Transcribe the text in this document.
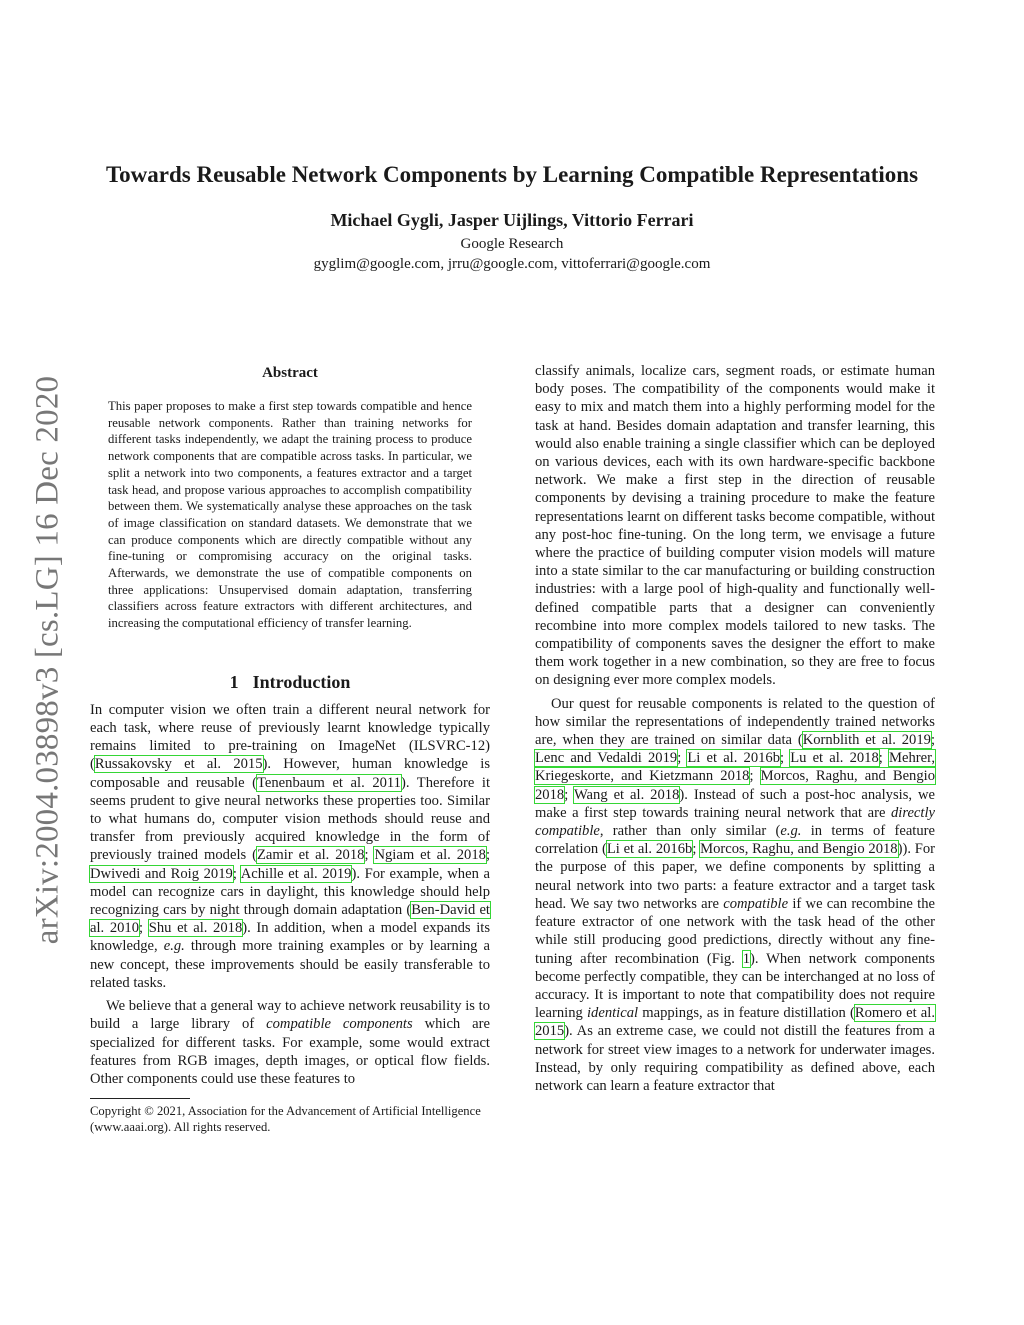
arXiv:2004.03898v3 [cs.LG] 16 Dec 2020
Towards Reusable Network Components by Learning Compatible Representations
Michael Gygli, Jasper Uijlings, Vittorio Ferrari
Google Research
gyglim@google.com, jrru@google.com, vittoferrari@google.com
Abstract

This paper proposes to make a first step towards compatible and hence reusable network components. Rather than training networks for different tasks independently, we adapt the training process to produce network components that are compatible across tasks. In particular, we split a network into two components, a features extractor and a target task head, and propose various approaches to accomplish compatibility between them. We systematically analyse these approaches on the task of image classification on standard datasets. We demonstrate that we can produce components which are directly compatible without any fine-tuning or compromising accuracy on the original tasks. Afterwards, we demonstrate the use of compatible components on three applications: Unsupervised domain adaptation, transferring classifiers across feature extractors with different architectures, and increasing the computational efficiency of transfer learning.

1 Introduction

In computer vision we often train a different neural network for each task, where reuse of previously learnt knowledge typically remains limited to pre-training on ImageNet (ILSVRC-12) (Russakovsky et al. 2015). However, human knowledge is composable and reusable (Tenenbaum et al. 2011). Therefore it seems prudent to give neural networks these properties too. Similar to what humans do, computer vision methods should reuse and transfer from previously acquired knowledge in the form of previously trained models (Zamir et al. 2018; Ngiam et al. 2018; Dwivedi and Roig 2019; Achille et al. 2019). For example, when a model can recognize cars in daylight, this knowledge should help recognizing cars by night through domain adaptation (Ben-David et al. 2010; Shu et al. 2018). In addition, when a model expands its knowledge, e.g. through more training examples or by learning a new concept, these improvements should be easily transferable to related tasks.

We believe that a general way to achieve network reusability is to build a large library of compatible components which are specialized for different tasks. For example, some would extract features from RGB images, depth images, or optical flow fields. Other components could use these features to

Copyright © 2021, Association for the Advancement of Artificial Intelligence (www.aaai.org). All rights reserved.

classify animals, localize cars, segment roads, or estimate human body poses. The compatibility of the components would make it easy to mix and match them into a highly performing model for the task at hand. Besides domain adaptation and transfer learning, this would also enable training a single classifier which can be deployed on various devices, each with its own hardware-specific backbone network. We make a first step in the direction of reusable components by devising a training procedure to make the feature representations learnt on different tasks become compatible, without any post-hoc fine-tuning. On the long term, we envisage a future where the practice of building computer vision models will mature into a state similar to the car manufacturing or building construction industries: with a large pool of high-quality and functionally well-defined compatible parts that a designer can conveniently recombine into more complex models tailored to new tasks. The compatibility of components saves the designer the effort to make them work together in a new combination, so they are free to focus on designing ever more complex models.

Our quest for reusable components is related to the question of how similar the representations of independently trained networks are, when they are trained on similar data (Kornblith et al. 2019; Lenc and Vedaldi 2019; Li et al. 2016b; Lu et al. 2018; Mehrer, Kriegeskorte, and Kietzmann 2018; Morcos, Raghu, and Bengio 2018; Wang et al. 2018). Instead of such a post-hoc analysis, we make a first step towards training neural network that are directly compatible, rather than only similar (e.g. in terms of feature correlation (Li et al. 2016b; Morcos, Raghu, and Bengio 2018)). For the purpose of this paper, we define components by splitting a neural network into two parts: a feature extractor and a target task head. We say two networks are compatible if we can recombine the feature extractor of one network with the task head of the other while still producing good predictions, directly without any fine-tuning after recombination (Fig. 1). When network components become perfectly compatible, they can be interchanged at no loss of accuracy. It is important to note that compatibility does not require learning identical mappings, as in feature distillation (Romero et al. 2015). As an extreme case, we could not distill the features from a network for street view images to a network for underwater images. Instead, by only requiring compatibility as defined above, each network can learn a feature extractor that
